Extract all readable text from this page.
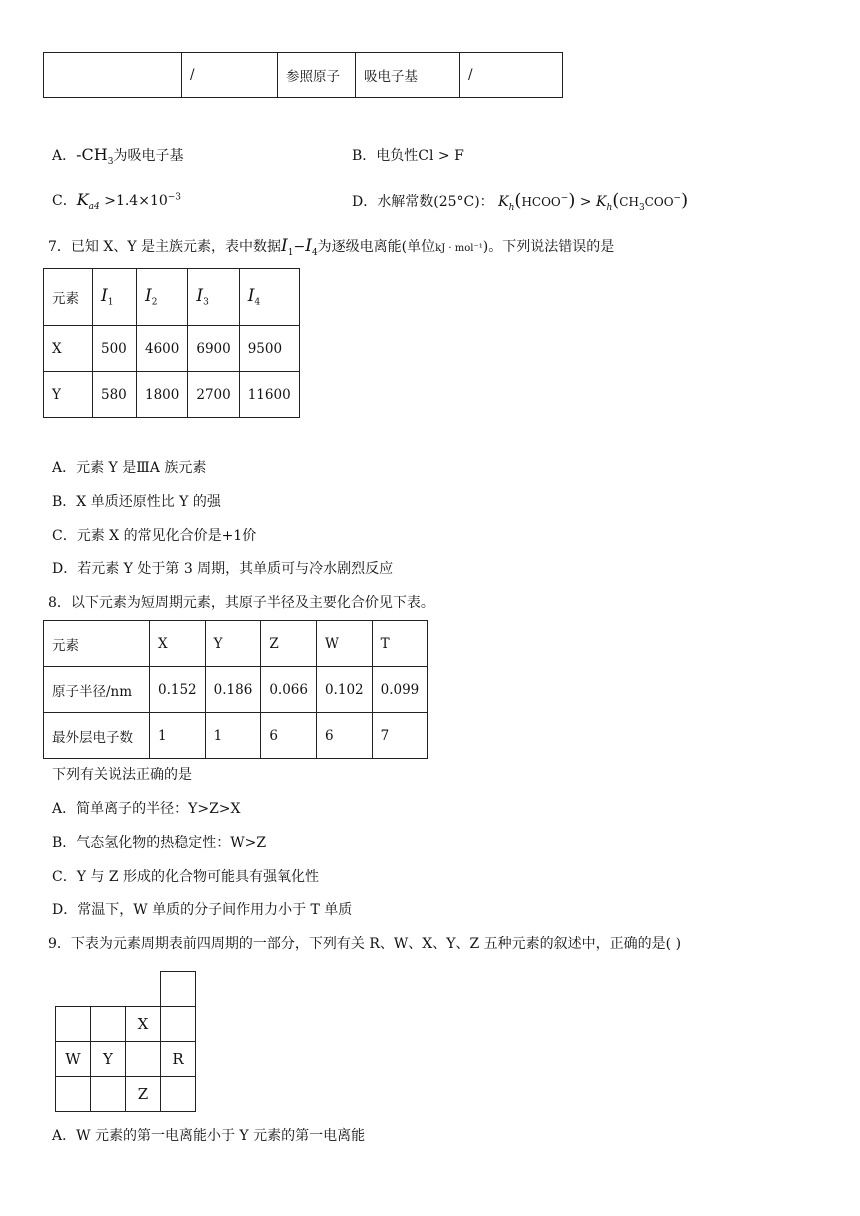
	/	参照原子	吸电子基	/
A．$-CH_3$为吸电子基	B．电负性Cl > F
C．$K_{a4} >1.4\times 10^{-3}$	D．水解常数(25°C)： $K_h(HCOO^-) > K_h(CH_3COO^-)$
7．已知 X、Y 是主族元素，表中数据$I_1-I_4$为逐级电离能(单位kJ · mol⁻¹)。下列说法错误的是
元素	$I_1$	$I_2$	$I_3$	$I_4$
X	500	4600	6900	9500
Y	580	1800	2700	11600
A．元素 Y 是ⅢA 族元素
B．X 单质还原性比 Y 的强
C．元素 X 的常见化合价是+1价
D．若元素 Y 处于第 3 周期，其单质可与冷水剧烈反应
8．以下元素为短周期元素，其原子半径及主要化合价见下表。
元素	X	Y	Z	W	T
原子半径/nm	0.152	0.186	0.066	0.102	0.099
最外层电子数	1	1	6	6	7
下列有关说法正确的是
A．简单离子的半径：Y>Z>X
B．气态氢化物的热稳定性：W>Z
C．Y 与 Z 形成的化合物可能具有强氧化性
D．常温下，W 单质的分子间作用力小于 T 单质
9．下表为元素周期表前四周期的一部分，下列有关 R、W、X、Y、Z 五种元素的叙述中，正确的是( )

		X	
W	Y		R
		Z	
A．W 元素的第一电离能小于 Y 元素的第一电离能
